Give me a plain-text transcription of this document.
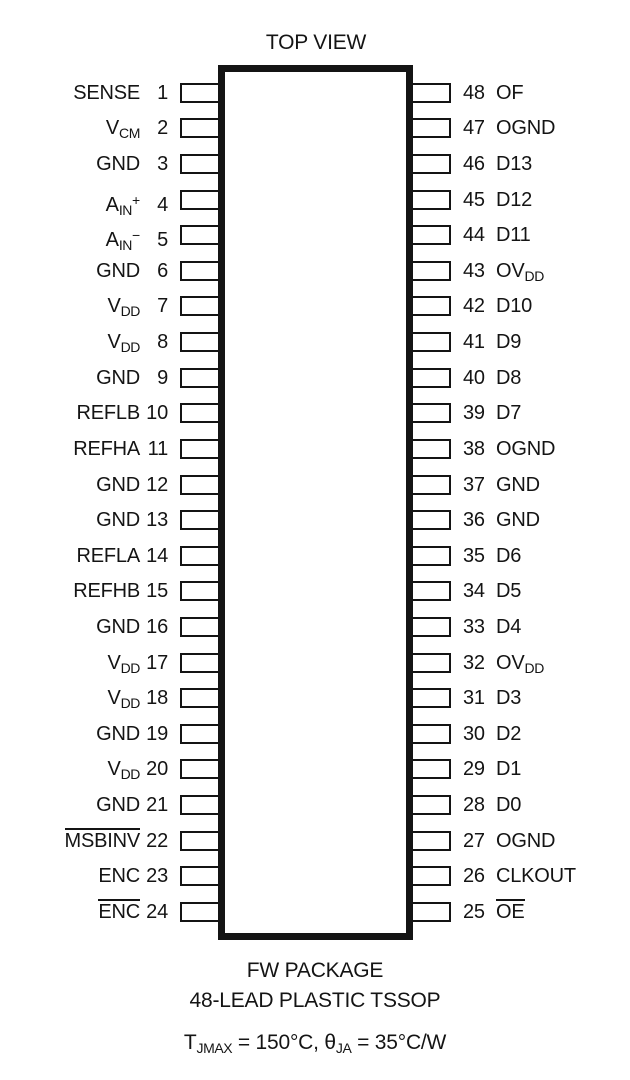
TOP VIEW
SENSE 1
$V_{CM}$ 2
GND 3
$A_{IN}^+$ 4
$A_{IN}^-$ 5
GND 6
$V_{DD}$ 7
$V_{DD}$ 8
GND 9
REFLB 10
REFHA 11
GND 12
GND 13
REFLA 14
REFHB 15
GND 16
$V_{DD}$ 17
$V_{DD}$ 18
GND 19
$V_{DD}$ 20
GND 21
MSBINV 22
ENC 23
ENC 24
48 OF
47 OGND
46 D13
45 D12
44 D11
43 $OV_{DD}$
42 D10
41 D9
40 D8
39 D7
38 OGND
37 GND
36 GND
35 D6
34 D5
33 D4
32 $OV_{DD}$
31 D3
30 D2
29 D1
28 D0
27 OGND
26 CLKOUT
25 OE
FW PACKAGE
48-LEAD PLASTIC TSSOP
$T_{JMAX} = 150^\circ C$, $\theta_{JA} = 35^\circ C/W$
